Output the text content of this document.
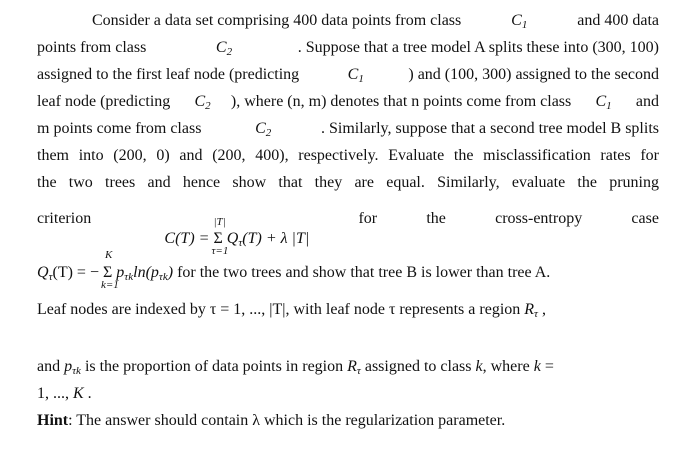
Consider a data set comprising 400 data points from class	$C_1$	and 400 data
points from class	$C_2$	. Suppose that a tree model A splits these into (300, 100)
assigned to the first leaf node (predicting	$C_1$	) and (100, 300) assigned to the second
leaf node (predicting $C_2$ ), where (n, m) denotes that n points come from class $C_1$ and
m points come from class	$C_2$	. Similarly, suppose that a second tree model B splits
them into (200, 0) and (200, 400), respectively. Evaluate the misclassification rates for
the two trees and hence show that they are equal. Similarly, evaluate the pruning
criterion

C(T) =
|T|
Σ
τ=1
$Q_\tau(T) + \lambda$ |T|

for	the	cross-entropy	case
$Q_\tau(T)$ = −
K
Σ
k=1
$p_{\tau k}\ln(p_{\tau k})$ for the two trees and show that tree B is lower than tree A.
Leaf nodes are indexed by τ = 1, ..., |T|, with leaf node τ represents a region $R_\tau$ ,
and $p_{\tau k}$ is the proportion of data points in region $R_\tau$ assigned to class k, where k =
1, ..., K .
Hint: The answer should contain λ which is the regularization parameter.
